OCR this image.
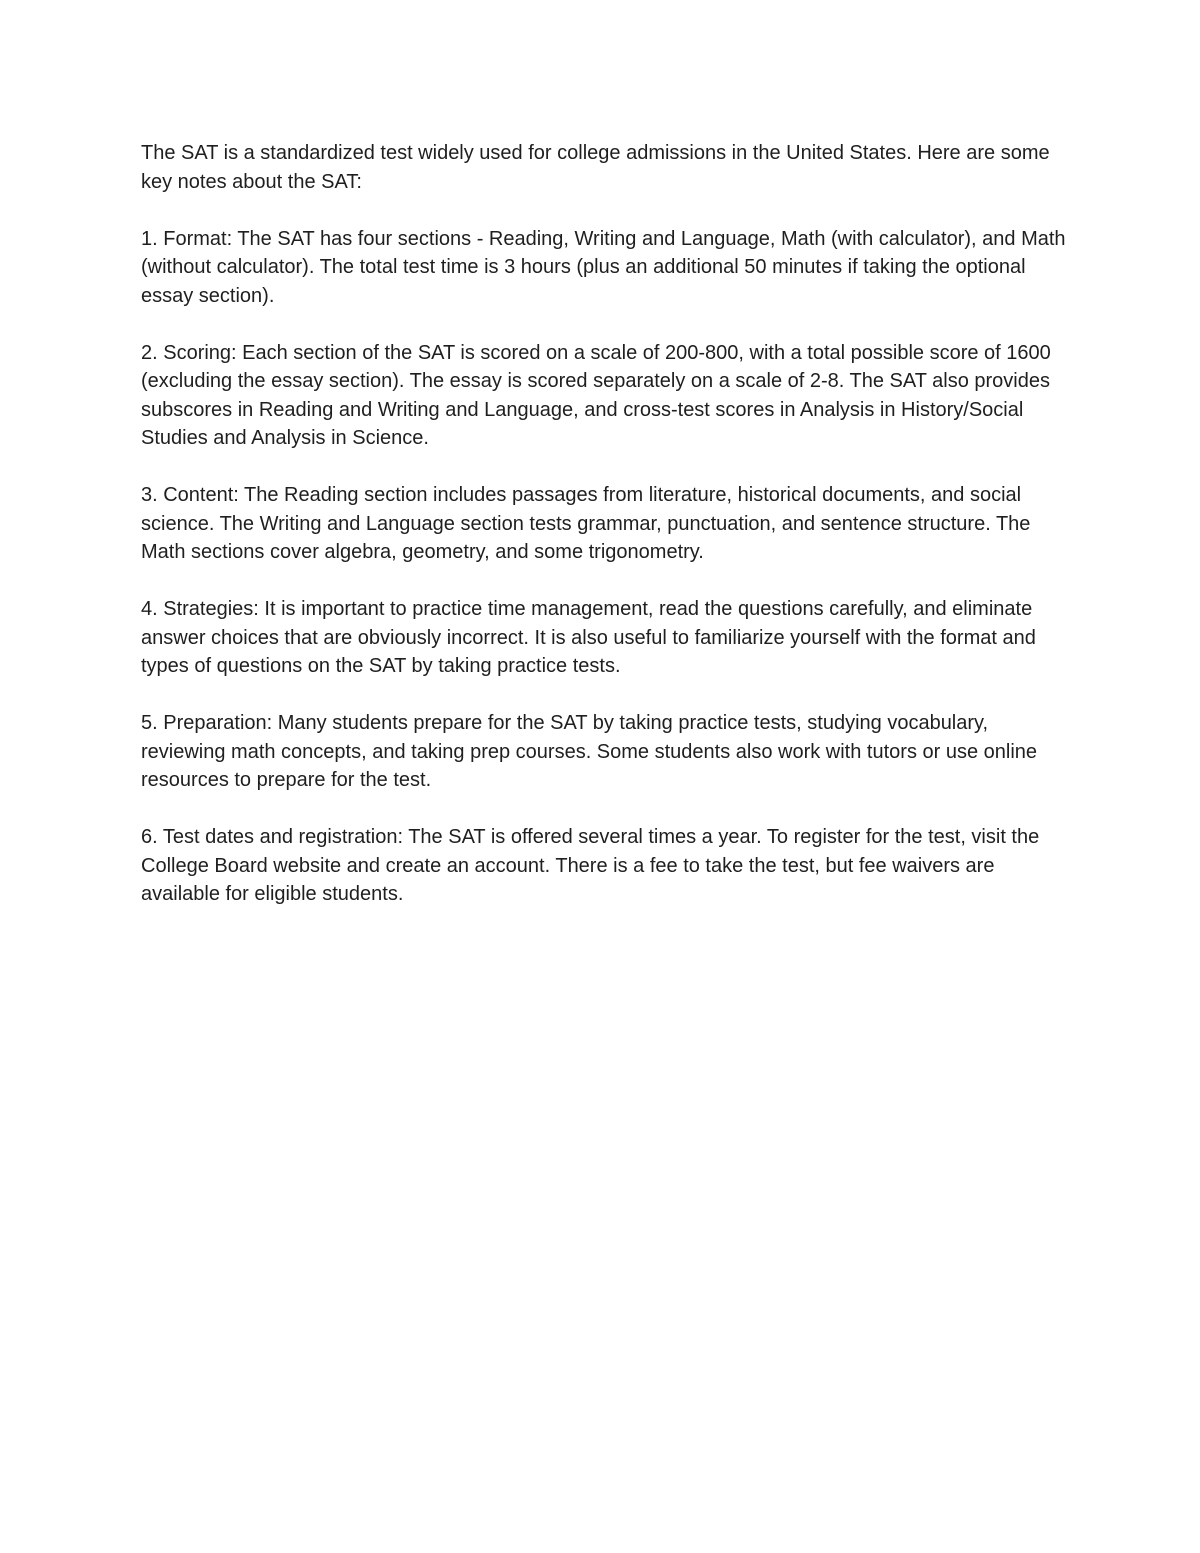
The SAT is a standardized test widely used for college admissions in the United States. Here are some key notes about the SAT:

1. Format: The SAT has four sections - Reading, Writing and Language, Math (with calculator), and Math (without calculator). The total test time is 3 hours (plus an additional 50 minutes if taking the optional essay section).

2. Scoring: Each section of the SAT is scored on a scale of 200-800, with a total possible score of 1600 (excluding the essay section). The essay is scored separately on a scale of 2-8. The SAT also provides subscores in Reading and Writing and Language, and cross-test scores in Analysis in History/Social Studies and Analysis in Science.

3. Content: The Reading section includes passages from literature, historical documents, and social science. The Writing and Language section tests grammar, punctuation, and sentence structure. The Math sections cover algebra, geometry, and some trigonometry.

4. Strategies: It is important to practice time management, read the questions carefully, and eliminate answer choices that are obviously incorrect. It is also useful to familiarize yourself with the format and types of questions on the SAT by taking practice tests.

5. Preparation: Many students prepare for the SAT by taking practice tests, studying vocabulary, reviewing math concepts, and taking prep courses. Some students also work with tutors or use online resources to prepare for the test.

6. Test dates and registration: The SAT is offered several times a year. To register for the test, visit the College Board website and create an account. There is a fee to take the test, but fee waivers are available for eligible students.
